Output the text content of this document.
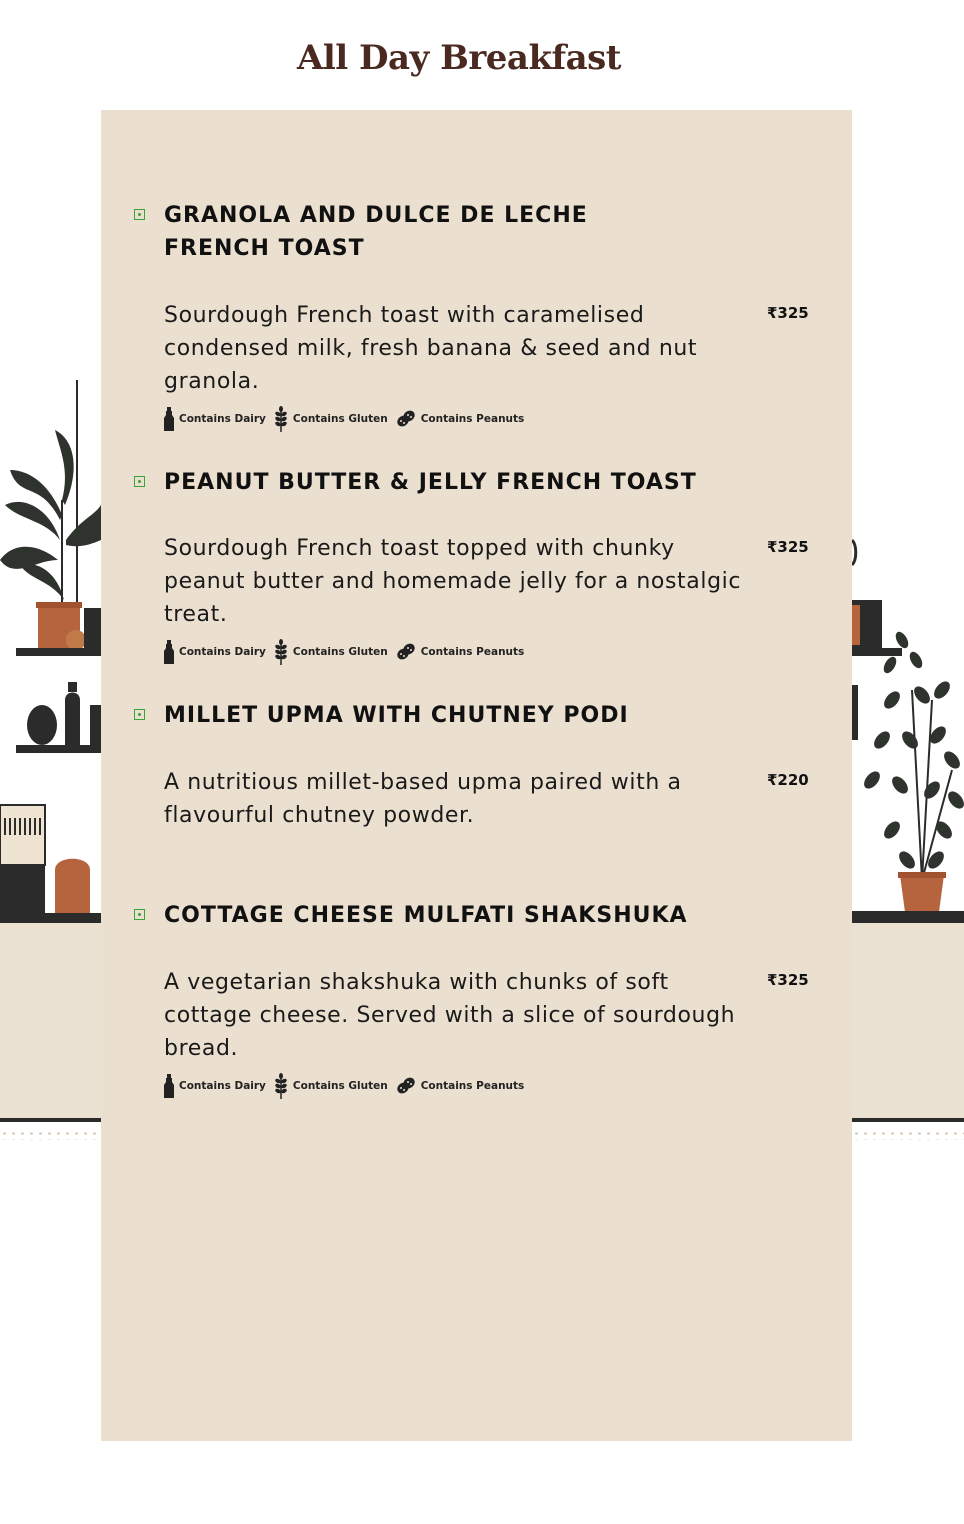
All Day Breakfast
GRANOLA AND DULCE DE LECHE FRENCH TOAST
Sourdough French toast with caramelised condensed milk, fresh banana & seed and nut granola.
₹325
Contains Dairy	Contains Gluten	Contains Peanuts
PEANUT BUTTER & JELLY FRENCH TOAST
Sourdough French toast topped with chunky peanut butter and homemade jelly for a nostalgic treat.
₹325
Contains Dairy	Contains Gluten	Contains Peanuts
MILLET UPMA WITH CHUTNEY PODI
A nutritious millet-based upma paired with a flavourful chutney powder.
₹220
COTTAGE CHEESE MULFATI SHAKSHUKA
A vegetarian shakshuka with chunks of soft cottage cheese. Served with a slice of sourdough bread.
₹325
Contains Dairy	Contains Gluten	Contains Peanuts
